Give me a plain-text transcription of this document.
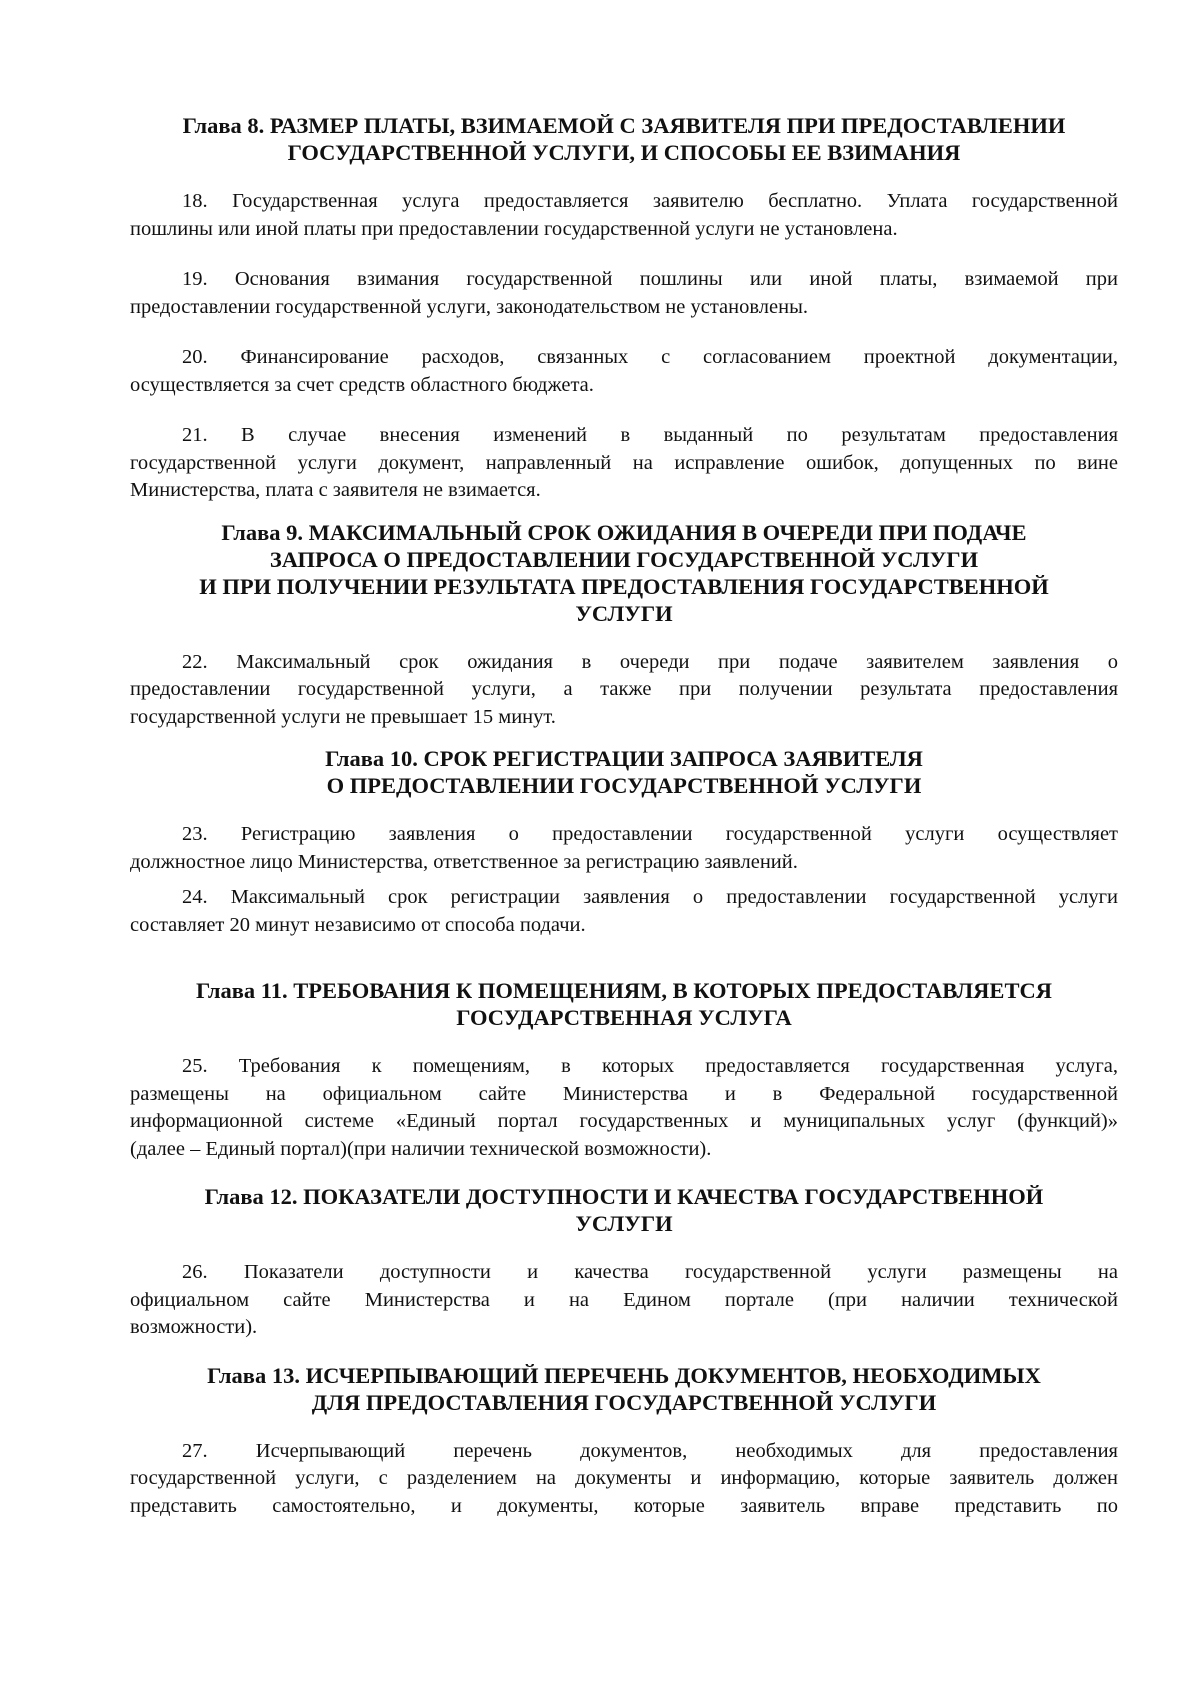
Глава 8. РАЗМЕР ПЛАТЫ, ВЗИМАЕМОЙ С ЗАЯВИТЕЛЯ ПРИ ПРЕДОСТАВЛЕНИИ
ГОСУДАРСТВЕННОЙ УСЛУГИ, И СПОСОБЫ ЕЕ ВЗИМАНИЯ
18. Государственная услуга предоставляется заявителю бесплатно. Уплата государственной
пошлины или иной платы при предоставлении государственной услуги не установлена.
19. Основания взимания государственной пошлины или иной платы, взимаемой при
предоставлении государственной услуги, законодательством не установлены.
20. Финансирование расходов, связанных с согласованием проектной документации,
осуществляется за счет средств областного бюджета.
21. В случае внесения изменений в выданный по результатам предоставления
государственной услуги документ, направленный на исправление ошибок, допущенных по вине
Министерства, плата с заявителя не взимается.
Глава 9. МАКСИМАЛЬНЫЙ СРОК ОЖИДАНИЯ В ОЧЕРЕДИ ПРИ ПОДАЧЕ
ЗАПРОСА О ПРЕДОСТАВЛЕНИИ ГОСУДАРСТВЕННОЙ УСЛУГИ
И ПРИ ПОЛУЧЕНИИ РЕЗУЛЬТАТА ПРЕДОСТАВЛЕНИЯ ГОСУДАРСТВЕННОЙ
УСЛУГИ
22. Максимальный срок ожидания в очереди при подаче заявителем заявления о
предоставлении государственной услуги, а также при получении результата предоставления
государственной услуги не превышает 15 минут.
Глава 10. СРОК РЕГИСТРАЦИИ ЗАПРОСА ЗАЯВИТЕЛЯ
О ПРЕДОСТАВЛЕНИИ ГОСУДАРСТВЕННОЙ УСЛУГИ
23. Регистрацию заявления о предоставлении государственной услуги осуществляет
должностное лицо Министерства, ответственное за регистрацию заявлений.
24. Максимальный срок регистрации заявления о предоставлении государственной услуги
составляет 20 минут независимо от способа подачи.
Глава 11. ТРЕБОВАНИЯ К ПОМЕЩЕНИЯМ, В КОТОРЫХ ПРЕДОСТАВЛЯЕТСЯ
ГОСУДАРСТВЕННАЯ УСЛУГА
25. Требования к помещениям, в которых предоставляется государственная услуга,
размещены на официальном сайте Министерства и в Федеральной государственной
информационной системе «Единый портал государственных и муниципальных услуг (функций)»
(далее – Единый портал)(при наличии технической возможности).
Глава 12. ПОКАЗАТЕЛИ ДОСТУПНОСТИ И КАЧЕСТВА ГОСУДАРСТВЕННОЙ
УСЛУГИ
26. Показатели доступности и качества государственной услуги размещены на
официальном сайте Министерства и на Едином портале (при наличии технической
возможности).
Глава 13. ИСЧЕРПЫВАЮЩИЙ ПЕРЕЧЕНЬ ДОКУМЕНТОВ, НЕОБХОДИМЫХ
ДЛЯ ПРЕДОСТАВЛЕНИЯ ГОСУДАРСТВЕННОЙ УСЛУГИ
27. Исчерпывающий перечень документов, необходимых для предоставления
государственной услуги, с разделением на документы и информацию, которые заявитель должен
представить самостоятельно, и документы, которые заявитель вправе представить по
